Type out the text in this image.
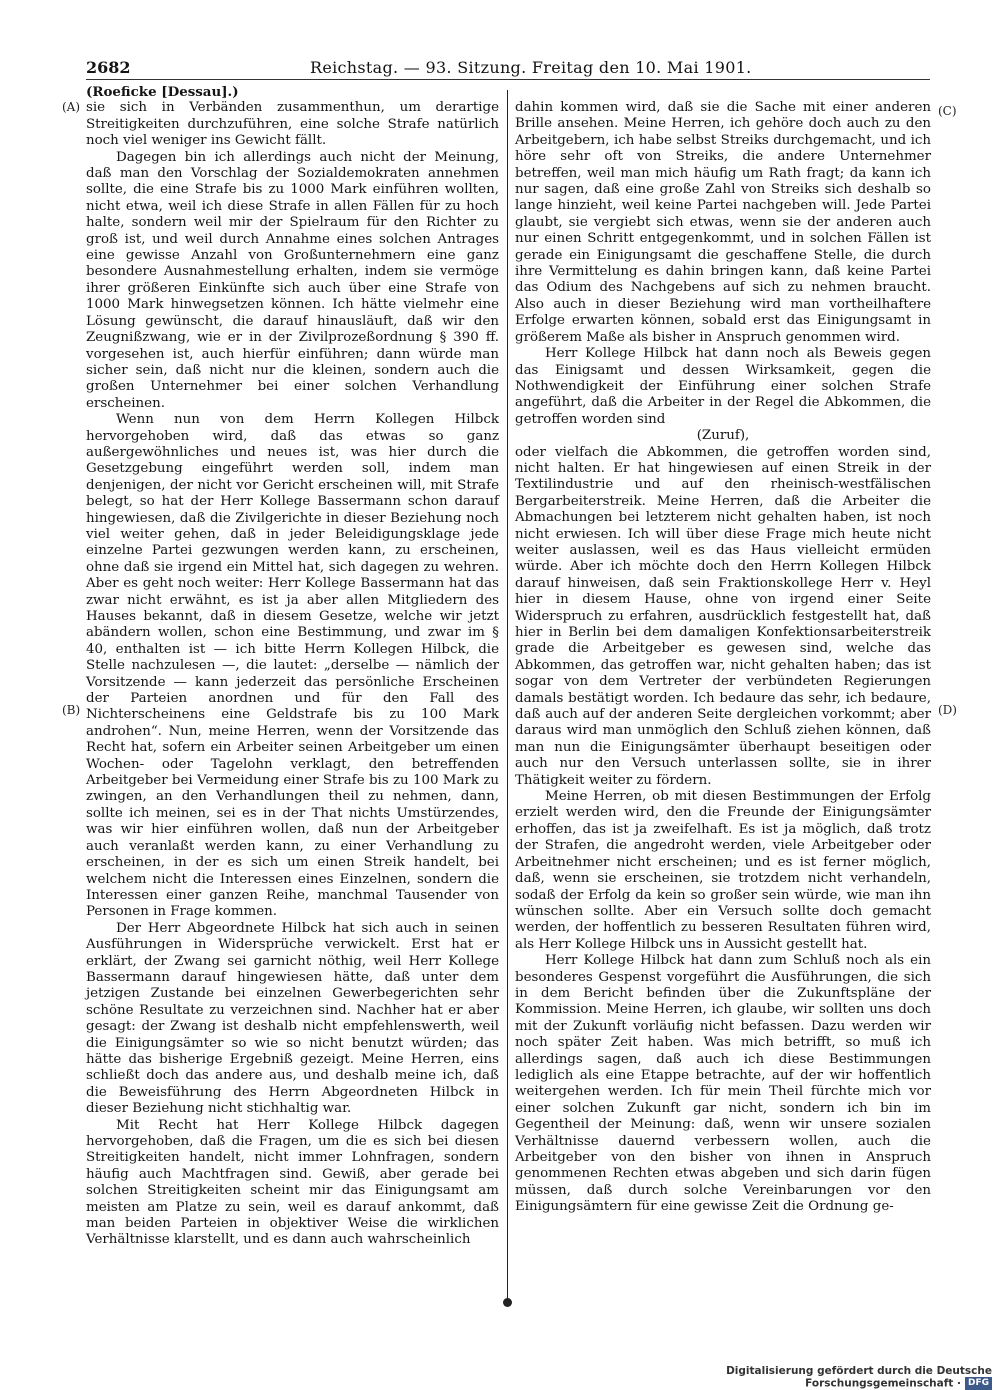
2682	Reichstag. — 93. Sitzung. Freitag den 10. Mai 1901.
(A)
(B)
(C)
(D)

(Roeficke [Dessau].)

sie sich in Verbänden zusammenthun, um derartige Streitigkeiten durchzuführen, eine solche Strafe natürlich noch viel weniger ins Gewicht fällt.

Dagegen bin ich allerdings auch nicht der Meinung, daß man den Vorschlag der Sozialdemokraten annehmen sollte, die eine Strafe bis zu 1000 Mark einführen wollten, nicht etwa, weil ich diese Strafe in allen Fällen für zu hoch halte, sondern weil mir der Spielraum für den Richter zu groß ist, und weil durch Annahme eines solchen Antrages eine gewisse Anzahl von Großunternehmern eine ganz besondere Ausnahmestellung erhalten, indem sie vermöge ihrer größeren Einkünfte sich auch über eine Strafe von 1000 Mark hinwegsetzen können. Ich hätte vielmehr eine Lösung gewünscht, die darauf hinausläuft, daß wir den Zeugnißzwang, wie er in der Zivilprozeßordnung § 390 ff. vorgesehen ist, auch hierfür einführen; dann würde man sicher sein, daß nicht nur die kleinen, sondern auch die großen Unternehmer bei einer solchen Verhandlung erscheinen.

Wenn nun von dem Herrn Kollegen Hilbck hervorgehoben wird, daß das etwas so ganz außergewöhnliches und neues ist, was hier durch die Gesetzgebung eingeführt werden soll, indem man denjenigen, der nicht vor Gericht erscheinen will, mit Strafe belegt, so hat der Herr Kollege Bassermann schon darauf hingewiesen, daß die Zivilgerichte in dieser Beziehung noch viel weiter gehen, daß in jeder Beleidigungsklage jede einzelne Partei gezwungen werden kann, zu erscheinen, ohne daß sie irgend ein Mittel hat, sich dagegen zu wehren. Aber es geht noch weiter: Herr Kollege Bassermann hat das zwar nicht erwähnt, es ist ja aber allen Mitgliedern des Hauses bekannt, daß in diesem Gesetze, welche wir jetzt abändern wollen, schon eine Bestimmung, und zwar im § 40, enthalten ist — ich bitte Herrn Kollegen Hilbck, die Stelle nachzulesen —, die lautet: „derselbe — nämlich der Vorsitzende — kann jederzeit das persönliche Erscheinen der Parteien anordnen und für den Fall des Nichterscheinens eine Geldstrafe bis zu 100 Mark androhen“. Nun, meine Herren, wenn der Vorsitzende das Recht hat, sofern ein Arbeiter seinen Arbeitgeber um einen Wochen- oder Tagelohn verklagt, den betreffenden Arbeitgeber bei Vermeidung einer Strafe bis zu 100 Mark zu zwingen, an den Verhandlungen theil zu nehmen, dann, sollte ich meinen, sei es in der That nichts Umstürzendes, was wir hier einführen wollen, daß nun der Arbeitgeber auch veranlaßt werden kann, zu einer Verhandlung zu erscheinen, in der es sich um einen Streik handelt, bei welchem nicht die Interessen eines Einzelnen, sondern die Interessen einer ganzen Reihe, manchmal Tausender von Personen in Frage kommen.

Der Herr Abgeordnete Hilbck hat sich auch in seinen Ausführungen in Widersprüche verwickelt. Erst hat er erklärt, der Zwang sei garnicht nöthig, weil Herr Kollege Bassermann darauf hingewiesen hätte, daß unter dem jetzigen Zustande bei einzelnen Gewerbegerichten sehr schöne Resultate zu verzeichnen sind. Nachher hat er aber gesagt: der Zwang ist deshalb nicht empfehlenswerth, weil die Einigungsämter so wie so nicht benutzt würden; das hätte das bisherige Ergebniß gezeigt. Meine Herren, eins schließt doch das andere aus, und deshalb meine ich, daß die Beweisführung des Herrn Abgeordneten Hilbck in dieser Beziehung nicht stichhaltig war.

Mit Recht hat Herr Kollege Hilbck dagegen hervorgehoben, daß die Fragen, um die es sich bei diesen Streitigkeiten handelt, nicht immer Lohnfragen, sondern häufig auch Machtfragen sind. Gewiß, aber gerade bei solchen Streitigkeiten scheint mir das Einigungsamt am meisten am Platze zu sein, weil es darauf ankommt, daß man beiden Parteien in objektiver Weise die wirklichen Verhältnisse klarstellt, und es dann auch wahrscheinlich

dahin kommen wird, daß sie die Sache mit einer anderen Brille ansehen. Meine Herren, ich gehöre doch auch zu den Arbeitgebern, ich habe selbst Streiks durchgemacht, und ich höre sehr oft von Streiks, die andere Unternehmer betreffen, weil man mich häufig um Rath fragt; da kann ich nur sagen, daß eine große Zahl von Streiks sich deshalb so lange hinzieht, weil keine Partei nachgeben will. Jede Partei glaubt, sie vergiebt sich etwas, wenn sie der anderen auch nur einen Schritt entgegenkommt, und in solchen Fällen ist gerade ein Einigungsamt die geschaffene Stelle, die durch ihre Vermittelung es dahin bringen kann, daß keine Partei das Odium des Nachgebens auf sich zu nehmen braucht. Also auch in dieser Beziehung wird man vortheilhaftere Erfolge erwarten können, sobald erst das Einigungsamt in größerem Maße als bisher in Anspruch genommen wird.

Herr Kollege Hilbck hat dann noch als Beweis gegen das Einigsamt und dessen Wirksamkeit, gegen die Nothwendigkeit der Einführung einer solchen Strafe angeführt, daß die Arbeiter in der Regel die Abkommen, die getroffen worden sind

(Zuruf),

oder vielfach die Abkommen, die getroffen worden sind, nicht halten. Er hat hingewiesen auf einen Streik in der Textilindustrie und auf den rheinisch-westfälischen Bergarbeiterstreik. Meine Herren, daß die Arbeiter die Abmachungen bei letzterem nicht gehalten haben, ist noch nicht erwiesen. Ich will über diese Frage mich heute nicht weiter auslassen, weil es das Haus vielleicht ermüden würde. Aber ich möchte doch den Herrn Kollegen Hilbck darauf hinweisen, daß sein Fraktionskollege Herr v. Heyl hier in diesem Hause, ohne von irgend einer Seite Widerspruch zu erfahren, ausdrücklich festgestellt hat, daß hier in Berlin bei dem damaligen Konfektionsarbeiterstreik grade die Arbeitgeber es gewesen sind, welche das Abkommen, das getroffen war, nicht gehalten haben; das ist sogar von dem Vertreter der verbündeten Regierungen damals bestätigt worden. Ich bedaure das sehr, ich bedaure, daß auch auf der anderen Seite dergleichen vorkommt; aber daraus wird man unmöglich den Schluß ziehen können, daß man nun die Einigungsämter überhaupt beseitigen oder auch nur den Versuch unterlassen sollte, sie in ihrer Thätigkeit weiter zu fördern.

Meine Herren, ob mit diesen Bestimmungen der Erfolg erzielt werden wird, den die Freunde der Einigungsämter erhoffen, das ist ja zweifelhaft. Es ist ja möglich, daß trotz der Strafen, die angedroht werden, viele Arbeitgeber oder Arbeitnehmer nicht erscheinen; und es ist ferner möglich, daß, wenn sie erscheinen, sie trotzdem nicht verhandeln, sodaß der Erfolg da kein so großer sein würde, wie man ihn wünschen sollte. Aber ein Versuch sollte doch gemacht werden, der hoffentlich zu besseren Resultaten führen wird, als Herr Kollege Hilbck uns in Aussicht gestellt hat.

Herr Kollege Hilbck hat dann zum Schluß noch als ein besonderes Gespenst vorgeführt die Ausführungen, die sich in dem Bericht befinden über die Zukunftspläne der Kommission. Meine Herren, ich glaube, wir sollten uns doch mit der Zukunft vorläufig nicht befassen. Dazu werden wir noch später Zeit haben. Was mich betrifft, so muß ich allerdings sagen, daß auch ich diese Bestimmungen lediglich als eine Etappe betrachte, auf der wir hoffentlich weitergehen werden. Ich für mein Theil fürchte mich vor einer solchen Zukunft gar nicht, sondern ich bin im Gegentheil der Meinung: daß, wenn wir unsere sozialen Verhältnisse dauernd verbessern wollen, auch die Arbeitgeber von den bisher von ihnen in Anspruch genommenen Rechten etwas abgeben und sich darin fügen müssen, daß durch solche Vereinbarungen vor den Einigungsämtern für eine gewisse Zeit die Ordnung ge-

Digitalisierung gefördert durch die Deutsche Forschungsgemeinschaft · DFG
